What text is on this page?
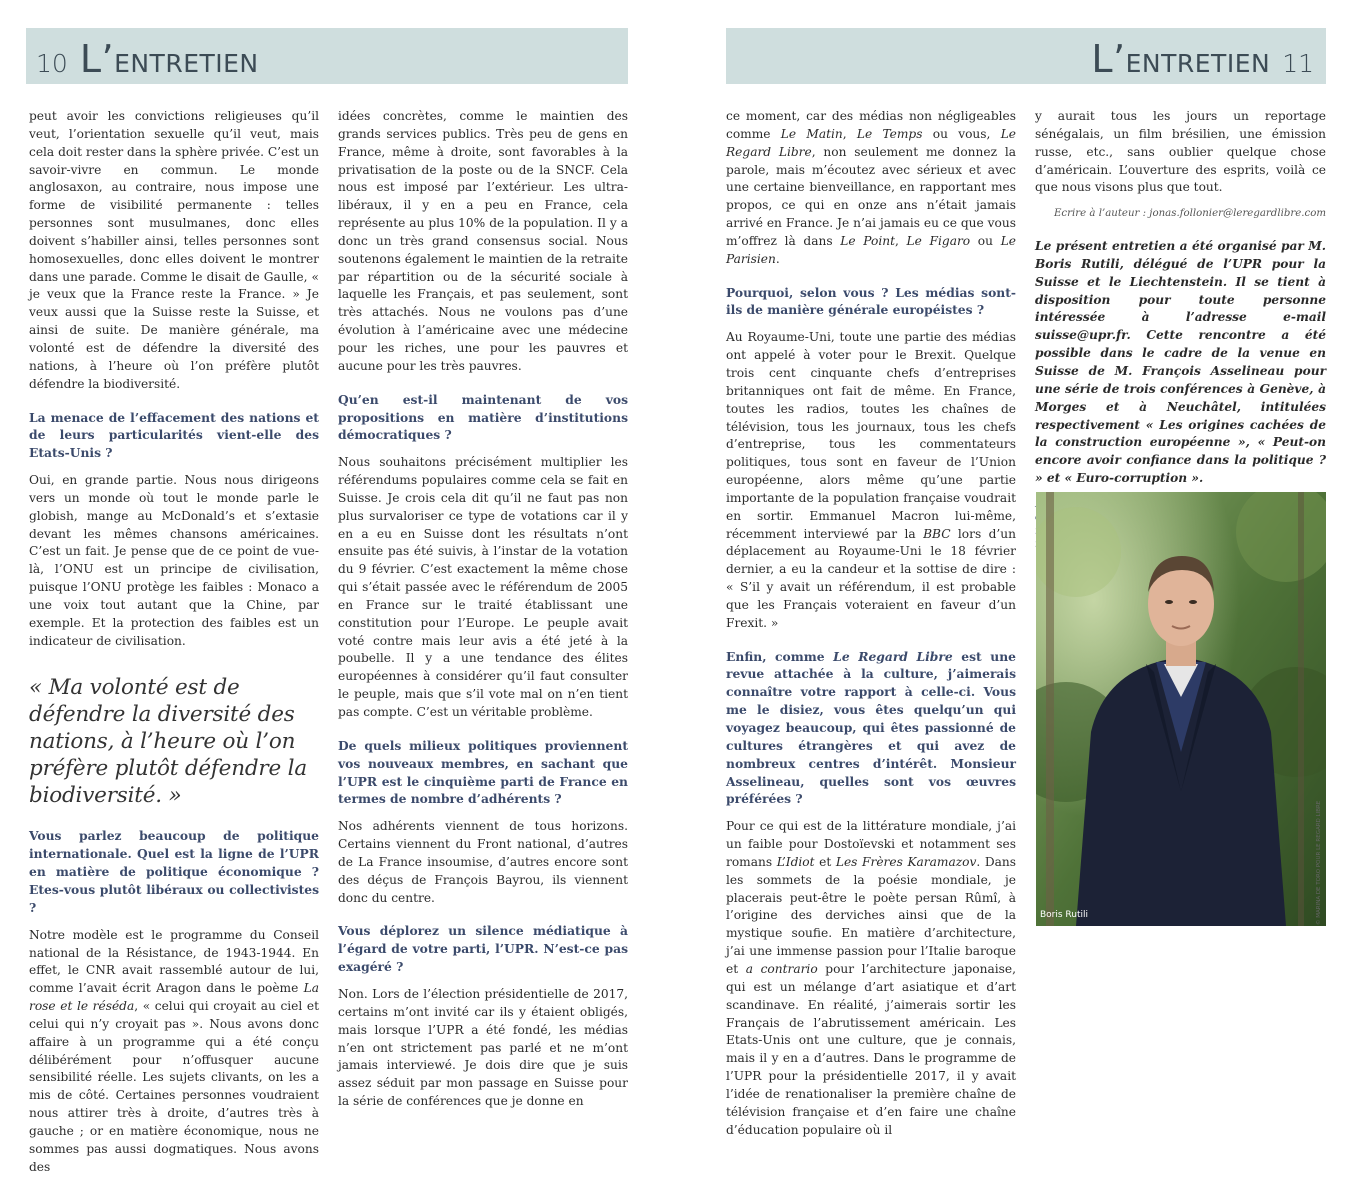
10 L’ ENTRETIEN	L’ ENTRETIEN 11

peut avoir les convictions religieuses qu’il veut, l’orientation sexuelle qu’il veut, mais cela doit rester dans la sphère privée. C’est un savoir-vivre en commun. Le monde anglosaxon, au contraire, nous impose une forme de visibilité permanente : telles personnes sont musulmanes, donc elles doivent s’habiller ainsi, telles personnes sont homosexuelles, donc elles doivent le montrer dans une parade. Comme le disait de Gaulle, « je veux que la France reste la France. » Je veux aussi que la Suisse reste la Suisse, et ainsi de suite. De manière générale, ma volonté est de défendre la diversité des nations, à l’heure où l’on préfère plutôt défendre la biodiversité.

La menace de l’effacement des nations et de leurs particularités vient-elle des Etats-Unis ?

Oui, en grande partie. Nous nous dirigeons vers un monde où tout le monde parle le globish, mange au McDonald’s et s’extasie devant les mêmes chansons américaines. C’est un fait. Je pense que de ce point de vue-là, l’ONU est un principe de civilisation, puisque l’ONU protège les faibles : Monaco a une voix tout autant que la Chine, par exemple. Et la protection des faibles est un indicateur de civilisation.

« Ma volonté est de défendre la diversité des nations, à l’heure où l’on préfère plutôt défendre la biodiversité. »

Vous parlez beaucoup de politique internationale. Quel est la ligne de l’UPR en matière de politique économique ? Etes-vous plutôt libéraux ou collectivistes ?

Notre modèle est le programme du Conseil national de la Résistance, de 1943-1944. En effet, le CNR avait rassemblé autour de lui, comme l’avait écrit Aragon dans le poème La rose et le réséda, « celui qui croyait au ciel et celui qui n’y croyait pas ». Nous avons donc affaire à un programme qui a été conçu délibérément pour n’offusquer aucune sensibilité réelle. Les sujets clivants, on les a mis de côté. Certaines personnes voudraient nous attirer très à droite, d’autres très à gauche ; or en matière économique, nous ne sommes pas aussi dogmatiques. Nous avons des

idées concrètes, comme le maintien des grands services publics. Très peu de gens en France, même à droite, sont favorables à la privatisation de la poste ou de la SNCF. Cela nous est imposé par l’extérieur. Les ultra-libéraux, il y en a peu en France, cela représente au plus 10% de la population. Il y a donc un très grand consensus social. Nous soutenons également le maintien de la retraite par répartition ou de la sécurité sociale à laquelle les Français, et pas seulement, sont très attachés. Nous ne voulons pas d’une évolution à l’américaine avec une médecine pour les riches, une pour les pauvres et aucune pour les très pauvres.

Qu’en est-il maintenant de vos propositions en matière d’institutions démocratiques ?

Nous souhaitons précisément multiplier les référendums populaires comme cela se fait en Suisse. Je crois cela dit qu’il ne faut pas non plus survaloriser ce type de votations car il y en a eu en Suisse dont les résultats n’ont ensuite pas été suivis, à l’instar de la votation du 9 février. C’est exactement la même chose qui s’était passée avec le référendum de 2005 en France sur le traité établissant une constitution pour l’Europe. Le peuple avait voté contre mais leur avis a été jeté à la poubelle. Il y a une tendance des élites européennes à considérer qu’il faut consulter le peuple, mais que s’il vote mal on n’en tient pas compte. C’est un véritable problème.

De quels milieux politiques proviennent vos nouveaux membres, en sachant que l’UPR est le cinquième parti de France en termes de nombre d’adhérents ?

Nos adhérents viennent de tous horizons. Certains viennent du Front national, d’autres de La France insoumise, d’autres encore sont des déçus de François Bayrou, ils viennent donc du centre.

Vous déplorez un silence médiatique à l’égard de votre parti, l’UPR. N’est-ce pas exagéré ?

Non. Lors de l’élection présidentielle de 2017, certains m’ont invité car ils y étaient obligés, mais lorsque l’UPR a été fondé, les médias n’en ont strictement pas parlé et ne m’ont jamais interviewé. Je dois dire que je suis assez séduit par mon passage en Suisse pour la série de conférences que je donne en

ce moment, car des médias non négligeables comme Le Matin, Le Temps ou vous, Le Regard Libre, non seulement me donnez la parole, mais m’écoutez avec sérieux et avec une certaine bienveillance, en rapportant mes propos, ce qui en onze ans n’était jamais arrivé en France. Je n’ai jamais eu ce que vous m’offrez là dans Le Point, Le Figaro ou Le Parisien.

Pourquoi, selon vous ? Les médias sont-ils de manière générale européistes ?

Au Royaume-Uni, toute une partie des médias ont appelé à voter pour le Brexit. Quelque trois cent cinquante chefs d’entreprises britanniques ont fait de même. En France, toutes les radios, toutes les chaînes de télévision, tous les journaux, tous les chefs d’entreprise, tous les commentateurs politiques, tous sont en faveur de l’Union européenne, alors même qu’une partie importante de la population française voudrait en sortir. Emmanuel Macron lui-même, récemment interviewé par la BBC lors d’un déplacement au Royaume-Uni le 18 février dernier, a eu la candeur et la sottise de dire : « S’il y avait un référendum, il est probable que les Français voteraient en faveur d’un Frexit. »

Enfin, comme Le Regard Libre est une revue attachée à la culture, j’aimerais connaître votre rapport à celle-ci. Vous me le disiez, vous êtes quelqu’un qui voyagez beaucoup, qui êtes passionné de cultures étrangères et qui avez de nombreux centres d’intérêt. Monsieur Asselineau, quelles sont vos œuvres préférées ?

Pour ce qui est de la littérature mondiale, j’ai un faible pour Dostoïevski et notamment ses romans L’Idiot et Les Frères Karamazov. Dans les sommets de la poésie mondiale, je placerais peut-être le poète persan Rûmî, à l’origine des derviches ainsi que de la mystique soufie. En matière d’architecture, j’ai une immense passion pour l’Italie baroque et a contrario pour l’architecture japonaise, qui est un mélange d’art asiatique et d’art scandinave. En réalité, j’aimerais sortir les Français de l’abrutissement américain. Les Etats-Unis ont une culture, que je connais, mais il y en a d’autres. Dans le programme de l’UPR pour la présidentielle 2017, il y avait l’idée de renationaliser la première chaîne de télévision française et d’en faire une chaîne d’éducation populaire où il

y aurait tous les jours un reportage sénégalais, un film brésilien, une émission russe, etc., sans oublier quelque chose d’américain. L’ouverture des esprits, voilà ce que nous visons plus que tout.

Ecrire à l’auteur : jonas.follonier@leregardlibre.com

Le présent entretien a été organisé par M. Boris Rutili, délégué de l’UPR pour la Suisse et le Liechtenstein. Il se tient à disposition pour toute personne intéressée à l’adresse e-mail suisse@upr.fr. Cette rencontre a été possible dans le cadre de la venue en Suisse de M. François Asselineau pour une série de trois conférences à Genève, à Morges et à Neuchâtel, intitulées respectivement « Les origines cachées de la construction européenne », « Peut-on encore avoir confiance dans la politique ? » et « Euro-corruption ».

Boris Rutili	© MARINA DE TORO POUR LE REGARD LIBRE
